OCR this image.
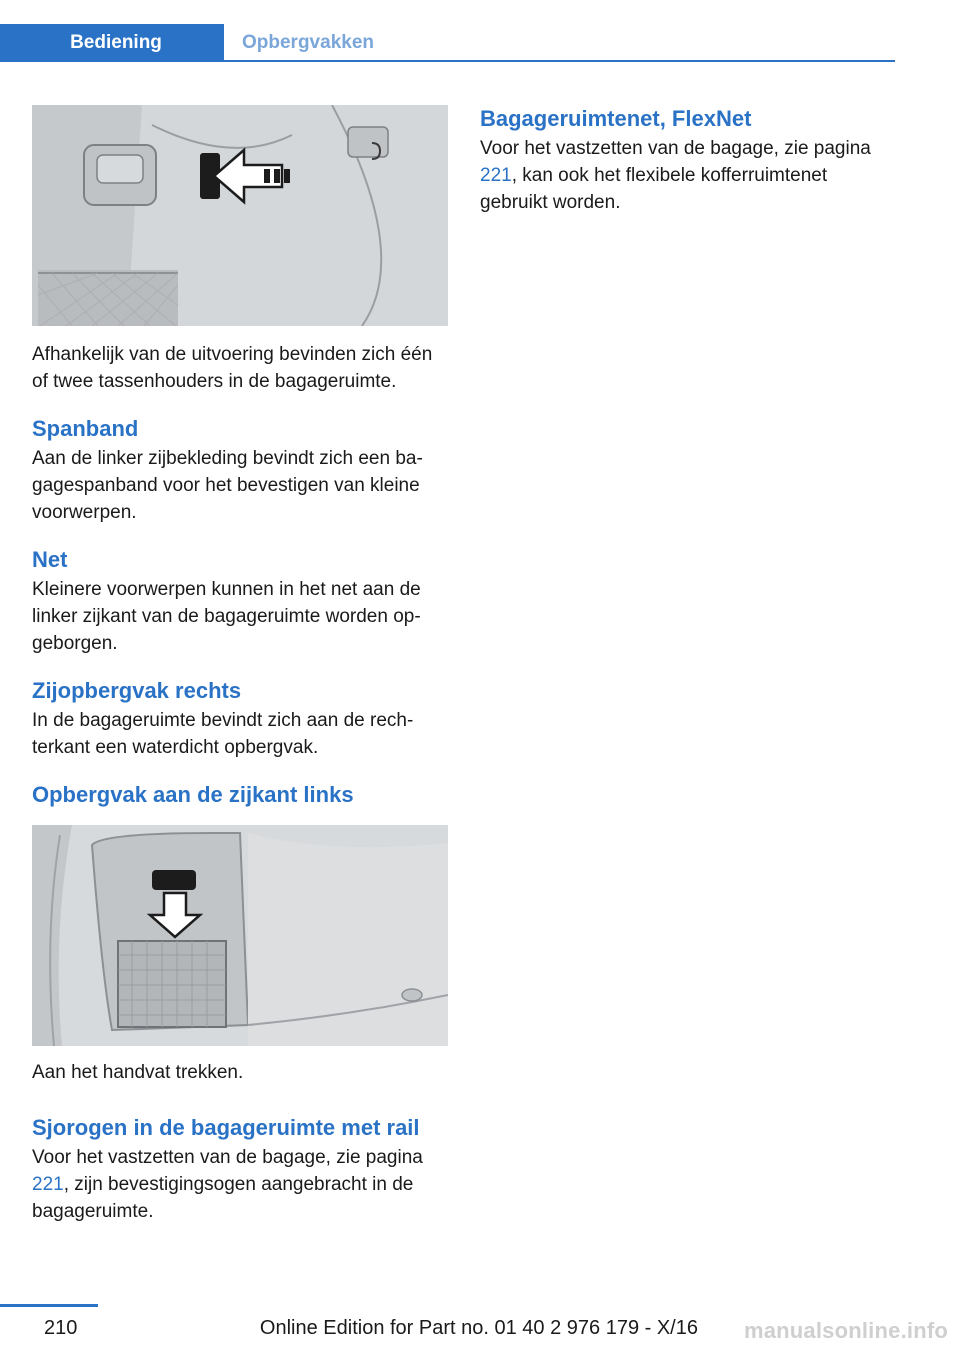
Bediening	Opbergvakken

Afhankelijk van de uitvoering bevinden zich één of twee tassenhouders in de bagageruimte.

Spanband

Aan de linker zijbekleding bevindt zich een bagagespanband voor het bevestigen van kleine voorwerpen.

Net

Kleinere voorwerpen kunnen in het net aan de linker zijkant van de bagageruimte worden opgeborgen.

Zijopbergvak rechts

In de bagageruimte bevindt zich aan de rechterkant een waterdicht opbergvak.

Opbergvak aan de zijkant links

Aan het handvat trekken.

Sjorogen in de bagageruimte met rail

Voor het vastzetten van de bagage, zie pagina 221, zijn bevestigingsogen aangebracht in de bagageruimte.

Bagageruimtenet, FlexNet

Voor het vastzetten van de bagage, zie pagina 221, kan ook het flexibele kofferruimtenet gebruikt worden.

210	Online Edition for Part no. 01 40 2 976 179 - X/16 manualsonline.info
